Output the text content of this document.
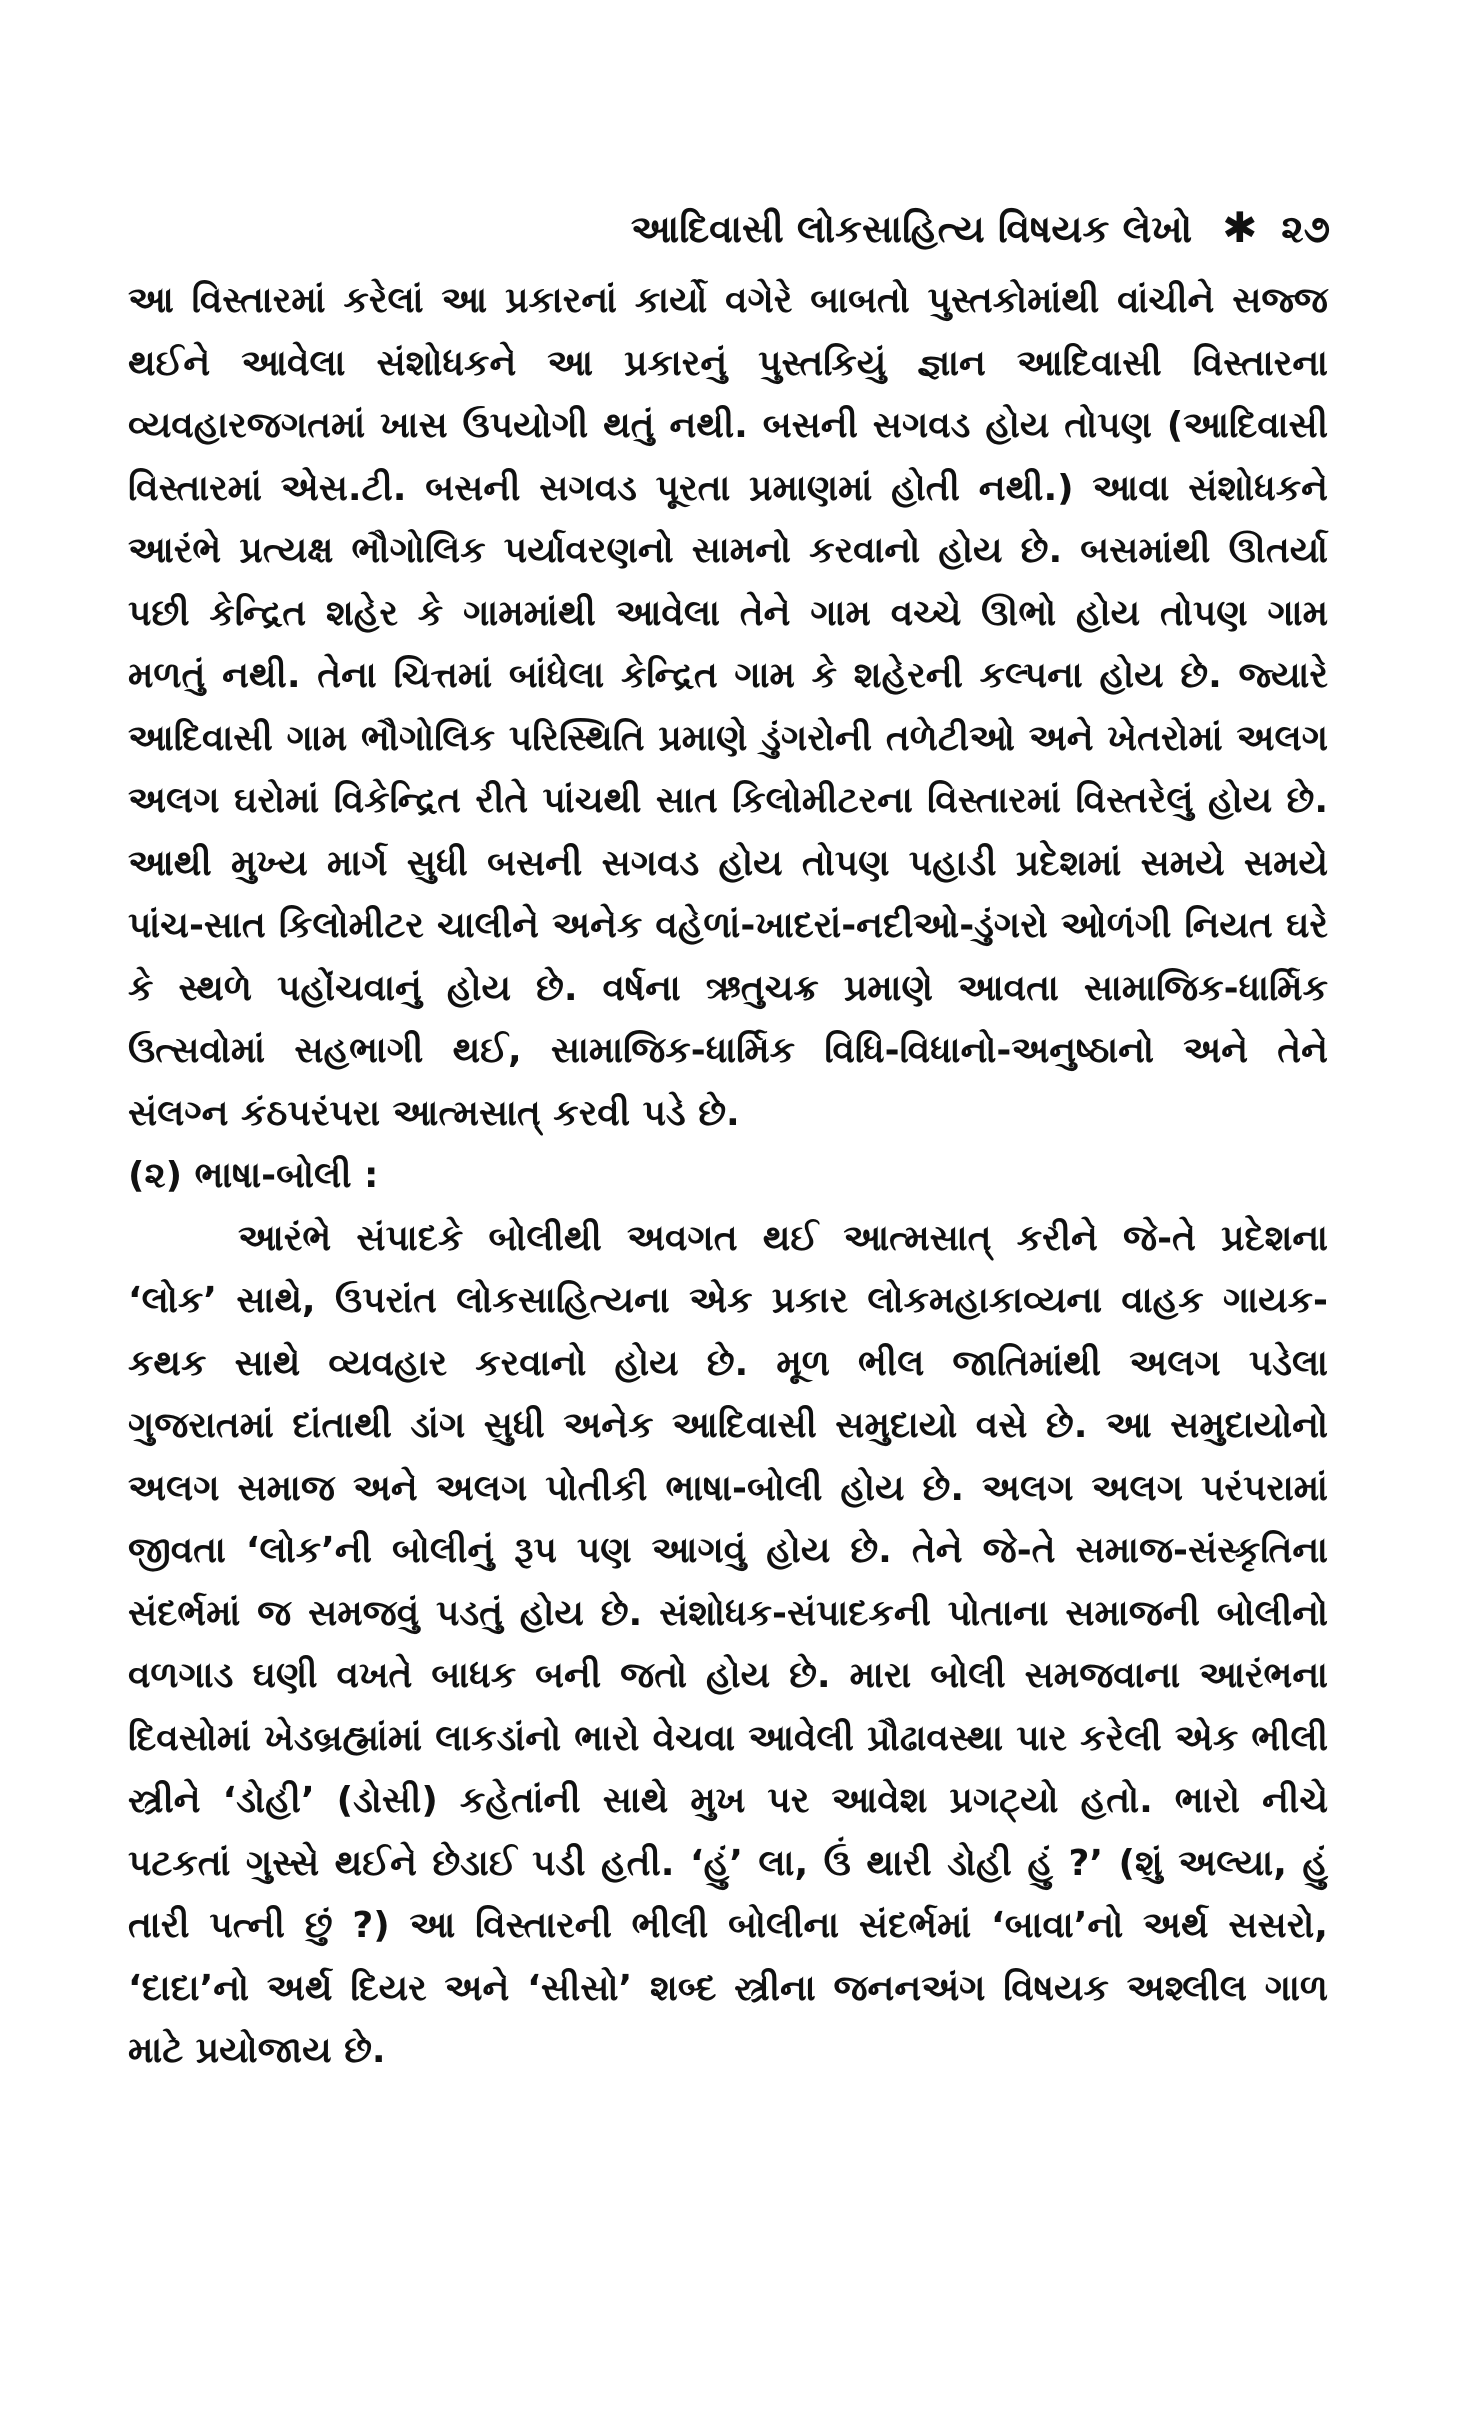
આદિવાસી લોકસાહિત્ય વિષયક લેખો ✱ ૨૭

આ વિસ્તારમાં કરેલાં આ પ્રકારનાં કાર્યો વગેરે બાબતો પુસ્તકોમાંથી વાંચીને સજ્જ થઈને આવેલા સંશોધકને આ પ્રકારનું પુસ્તકિયું જ્ઞાન આદિવાસી વિસ્તારના વ્યવહારજગતમાં ખાસ ઉપયોગી થતું નથી. બસની સગવડ હોય તોપણ (આદિવાસી વિસ્તારમાં એસ.ટી. બસની સગવડ પૂરતા પ્રમાણમાં હોતી નથી.) આવા સંશોધકને આરંભે પ્રત્યક્ષ ભૌગોલિક પર્યાવરણનો સામનો કરવાનો હોય છે. બસમાંથી ઊતર્યા પછી કેન્દ્રિત શહેર કે ગામમાંથી આવેલા તેને ગામ વચ્ચે ઊભો હોય તોપણ ગામ મળતું નથી. તેના ચિત્તમાં બાંધેલા કેન્દ્રિત ગામ કે શહેરની કલ્પના હોય છે. જ્યારે આદિવાસી ગામ ભૌગોલિક પરિસ્થિતિ પ્રમાણે ડુંગરોની તળેટીઓ અને ખેતરોમાં અલગ અલગ ઘરોમાં વિકેન્દ્રિત રીતે પાંચથી સાત કિલોમીટરના વિસ્તારમાં વિસ્તરેલું હોય છે. આથી મુખ્ય માર્ગ સુધી બસની સગવડ હોય તોપણ પહાડી પ્રદેશમાં સમયે સમયે પાંચ-સાત કિલોમીટર ચાલીને અનેક વહેળાં-ખાદરાં-નદીઓ-ડુંગરો ઓળંગી નિયત ઘરે કે સ્થળે પહોંચવાનું હોય છે. વર્ષના ઋતુચક્ર પ્રમાણે આવતા સામાજિક-ધાર્મિક ઉત્સવોમાં સહભાગી થઈ, સામાજિક-ધાર્મિક વિધિ-વિધાનો-અનુષ્ઠાનો અને તેને સંલગ્ન કંઠપરંપરા આત્મસાત્ કરવી પડે છે.

(૨) ભાષા-બોલી :

આરંભે સંપાદકે બોલીથી અવગત થઈ આત્મસાત્ કરીને જે-તે પ્રદેશના ‘લોક’ સાથે, ઉપરાંત લોકસાહિત્યના એક પ્રકાર લોકમહાકાવ્યના વાહક ગાયક-કથક સાથે વ્યવહાર કરવાનો હોય છે. મૂળ ભીલ જાતિમાંથી અલગ પડેલા ગુજરાતમાં દાંતાથી ડાંગ સુધી અનેક આદિવાસી સમુદાયો વસે છે. આ સમુદાયોનો અલગ સમાજ અને અલગ પોતીકી ભાષા-બોલી હોય છે. અલગ અલગ પરંપરામાં જીવતા ‘લોક’ની બોલીનું રૂપ પણ આગવું હોય છે. તેને જે-તે સમાજ-સંસ્કૃતિના સંદર્ભમાં જ સમજવું પડતું હોય છે. સંશોધક-સંપાદકની પોતાના સમાજની બોલીનો વળગાડ ઘણી વખતે બાધક બની જતો હોય છે. મારા બોલી સમજવાના આરંભના દિવસોમાં ખેડબ્રહ્માંમાં લાકડાંનો ભારો વેચવા આવેલી પ્રૌઢાવસ્થા પાર કરેલી એક ભીલી સ્ત્રીને ‘ડોહી’ (ડોસી) કહેતાંની સાથે મુખ પર આવેશ પ્રગટ્યો હતો. ભારો નીચે પટકતાં ગુસ્સે થઈને છેડાઈ પડી હતી. ‘હું’ લા, ઉં થારી ડોહી હું ?’ (શું અલ્યા, હું તારી પત્ની છું ?) આ વિસ્તારની ભીલી બોલીના સંદર્ભમાં ‘બાવા’નો અર્થ સસરો, ‘દાદા’નો અર્થ દિયર અને ‘સીસો’ શબ્દ સ્ત્રીના જનનઅંગ વિષયક અશ્લીલ ગાળ માટે પ્રયોજાય છે.
